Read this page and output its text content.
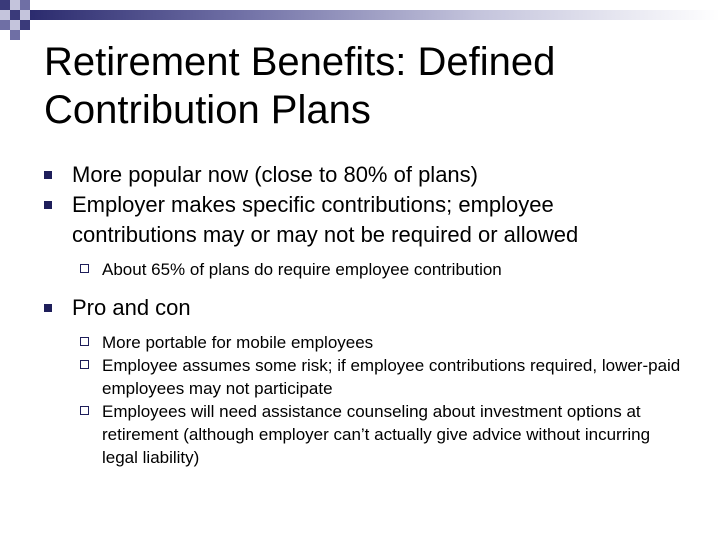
Retirement Benefits: Defined
Contribution Plans
More popular now (close to 80% of plans)
Employer makes specific contributions; employee contributions may or may not be required or allowed
About 65% of plans do require employee contribution
Pro and con
More portable for mobile employees
Employee assumes some risk; if employee contributions required, lower-paid employees may not participate
Employees will need assistance counseling about investment options at retirement (although employer can’t actually give advice without incurring legal liability)
